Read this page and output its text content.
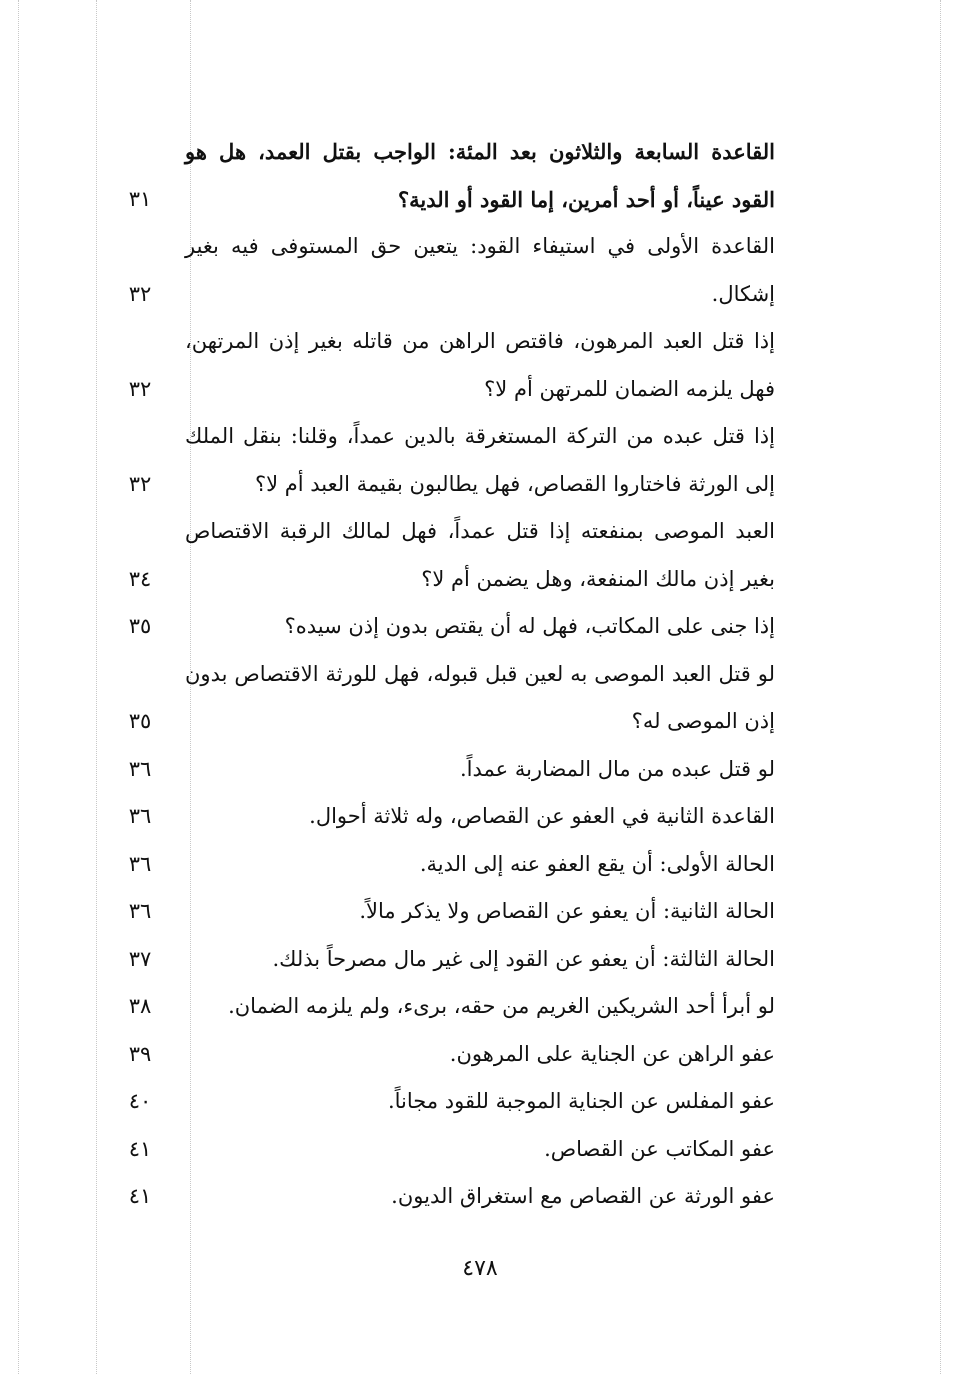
القاعدة السابعة والثلاثون بعد المئة: الواجب بقتل العمد، هل هو القود عيناً، أو أحد أمرين، إما القود أو الدية؟
٣١
القاعدة الأولى في استيفاء القود: يتعين حق المستوفى فيه بغير إشكال.
٣٢
إذا قتل العبد المرهون، فاقتص الراهن من قاتله بغير إذن المرتهن، فهل يلزمه الضمان للمرتهن أم لا؟
٣٢
إذا قتل عبده من التركة المستغرقة بالدين عمداً، وقلنا: بنقل الملك إلى الورثة فاختاروا القصاص، فهل يطالبون بقيمة العبد أم لا؟
٣٢
العبد الموصى بمنفعته إذا قتل عمداً، فهل لمالك الرقبة الاقتصاص بغير إذن مالك المنفعة، وهل يضمن أم لا؟
٣٤
إذا جنى على المكاتب، فهل له أن يقتص بدون إذن سيده؟
٣٥
لو قتل العبد الموصى به لعين قبل قبوله، فهل للورثة الاقتصاص بدون إذن الموصى له؟
٣٥
لو قتل عبده من مال المضاربة عمداً.
٣٦
القاعدة الثانية في العفو عن القصاص، وله ثلاثة أحوال.
٣٦
الحالة الأولى: أن يقع العفو عنه إلى الدية.
٣٦
الحالة الثانية: أن يعفو عن القصاص ولا يذكر مالاً.
٣٦
الحالة الثالثة: أن يعفو عن القود إلى غير مال مصرحاً بذلك.
٣٧
لو أبرأ أحد الشريكين الغريم من حقه، برىء، ولم يلزمه الضمان.
٣٨
عفو الراهن عن الجناية على المرهون.
٣٩
عفو المفلس عن الجناية الموجبة للقود مجاناً.
٤٠
عفو المكاتب عن القصاص.
٤١
عفو الورثة عن القصاص مع استغراق الديون.
٤١
٤٧٨
